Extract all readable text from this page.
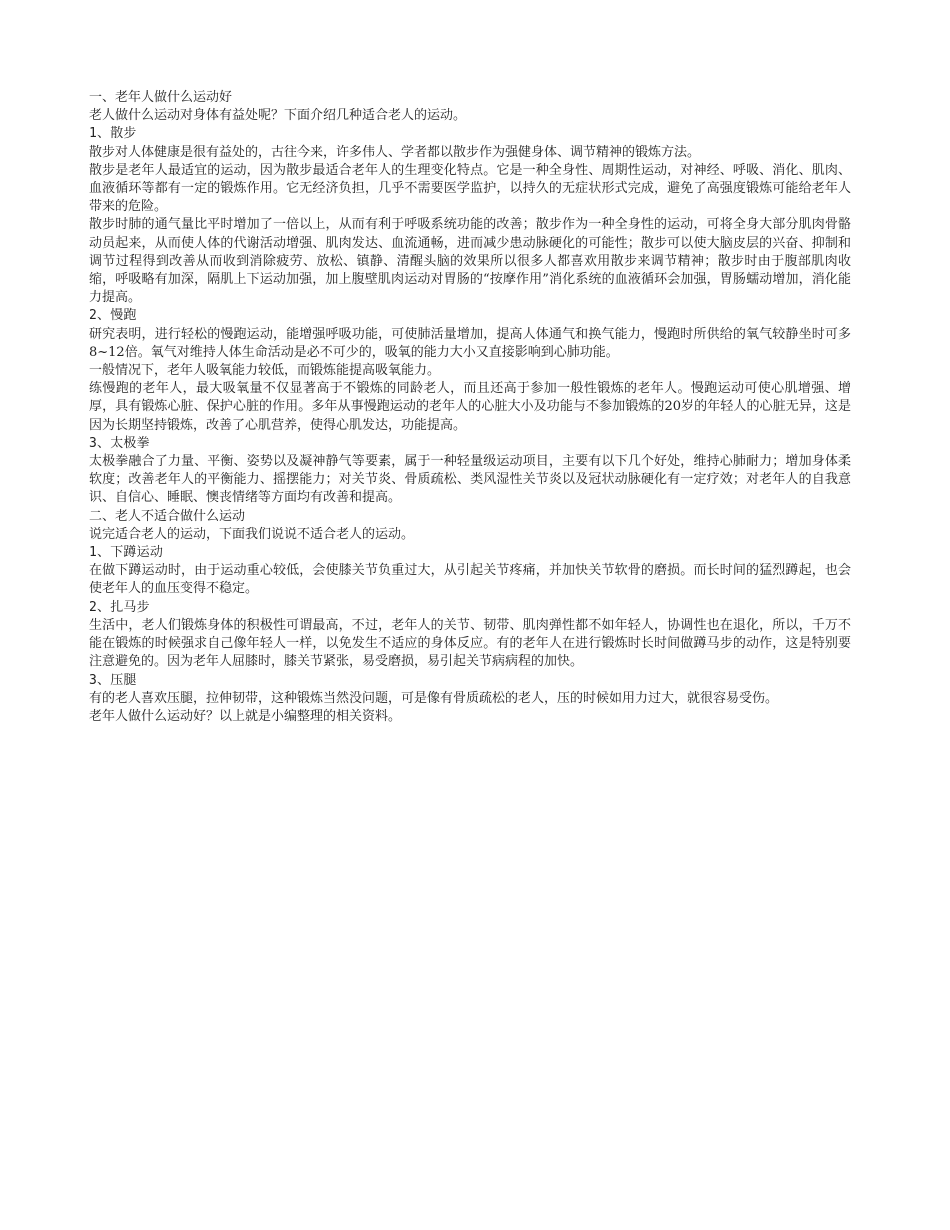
一、老年人做什么运动好

老人做什么运动对身体有益处呢？下面介绍几种适合老人的运动。

1、散步

散步对人体健康是很有益处的，古往今来，许多伟人、学者都以散步作为强健身体、调节精神的锻炼方法。

散步是老年人最适宜的运动，因为散步最适合老年人的生理变化特点。它是一种全身性、周期性运动，对神经、呼吸、消化、肌肉、血液循环等都有一定的锻炼作用。它无经济负担，几乎不需要医学监护，以持久的无症状形式完成，避免了高强度锻炼可能给老年人带来的危险。

散步时肺的通气量比平时增加了一倍以上，从而有利于呼吸系统功能的改善；散步作为一种全身性的运动，可将全身大部分肌肉骨骼动员起来，从而使人体的代谢活动增强、肌肉发达、血流通畅，进而减少患动脉硬化的可能性；散步可以使大脑皮层的兴奋、抑制和调节过程得到改善从而收到消除疲劳、放松、镇静、清醒头脑的效果所以很多人都喜欢用散步来调节精神；散步时由于腹部肌肉收缩，呼吸略有加深，隔肌上下运动加强，加上腹壁肌肉运动对胃肠的“按摩作用”消化系统的血液循环会加强，胃肠蠕动增加，消化能力提高。

2、慢跑

研究表明，进行轻松的慢跑运动，能增强呼吸功能，可使肺活量增加，提高人体通气和换气能力，慢跑时所供给的氧气较静坐时可多8~12倍。氧气对维持人体生命活动是必不可少的，吸氧的能力大小又直接影响到心肺功能。

一般情况下，老年人吸氧能力较低，而锻炼能提高吸氧能力。

练慢跑的老年人，最大吸氧量不仅显著高于不锻炼的同龄老人，而且还高于参加一般性锻炼的老年人。慢跑运动可使心肌增强、增厚，具有锻炼心脏、保护心脏的作用。多年从事慢跑运动的老年人的心脏大小及功能与不参加锻炼的20岁的年轻人的心脏无异，这是因为长期坚持锻炼，改善了心肌营养，使得心肌发达，功能提高。

3、太极拳

太极拳融合了力量、平衡、姿势以及凝神静气等要素，属于一种轻量级运动项目，主要有以下几个好处，维持心肺耐力；增加身体柔软度；改善老年人的平衡能力、摇摆能力；对关节炎、骨质疏松、类风湿性关节炎以及冠状动脉硬化有一定疗效；对老年人的自我意识、自信心、睡眠、懊丧情绪等方面均有改善和提高。

二、老人不适合做什么运动

说完适合老人的运动，下面我们说说不适合老人的运动。

1、下蹲运动

在做下蹲运动时，由于运动重心较低，会使膝关节负重过大，从引起关节疼痛，并加快关节软骨的磨损。而长时间的猛烈蹲起，也会使老年人的血压变得不稳定。

2、扎马步

生活中，老人们锻炼身体的积极性可谓最高，不过，老年人的关节、韧带、肌肉弹性都不如年轻人，协调性也在退化，所以，千万不能在锻炼的时候强求自己像年轻人一样，以免发生不适应的身体反应。有的老年人在进行锻炼时长时间做蹲马步的动作，这是特别要注意避免的。因为老年人屈膝时，膝关节紧张，易受磨损，易引起关节病病程的加快。

3、压腿

有的老人喜欢压腿，拉伸韧带，这种锻炼当然没问题，可是像有骨质疏松的老人，压的时候如用力过大，就很容易受伤。

老年人做什么运动好？以上就是小编整理的相关资料。
